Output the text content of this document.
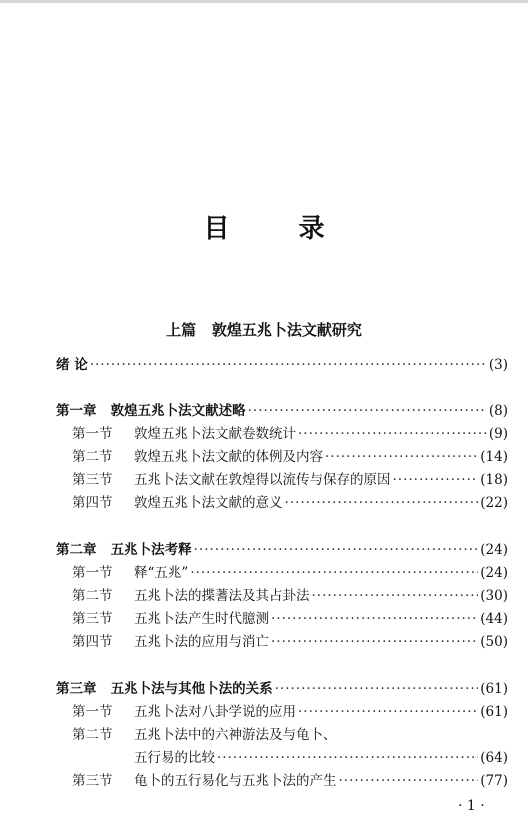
目 录
上篇   敦煌五兆卜法文献研究
绪 论 ·····	(3)
第一章 敦煌五兆卜法文献述略 ·····	(8)
第一节 敦煌五兆卜法文献卷数统计 ·····	(9)
第二节 敦煌五兆卜法文献的体例及内容 ·····	(14)
第三节 五兆卜法文献在敦煌得以流传与保存的原因 ·····	(18)
第四节 敦煌五兆卜法文献的意义 ·····	(22)
第二章 五兆卜法考释 ·····	(24)
第一节 释“五兆” ·····	(24)
第二节 五兆卜法的揲蓍法及其占卦法 ·····	(30)
第三节 五兆卜法产生时代臆测 ·····	(44)
第四节 五兆卜法的应用与消亡 ·····	(50)
第三章 五兆卜法与其他卜法的关系 ·····	(61)
第一节 五兆卜法对八卦学说的应用 ·····	(61)
第二节 五兆卜法中的六神游法及与龟卜、
五行易的比较 ·····	(64)
第三节 龟卜的五行易化与五兆卜法的产生 ·····	(77)
· 1 ·
